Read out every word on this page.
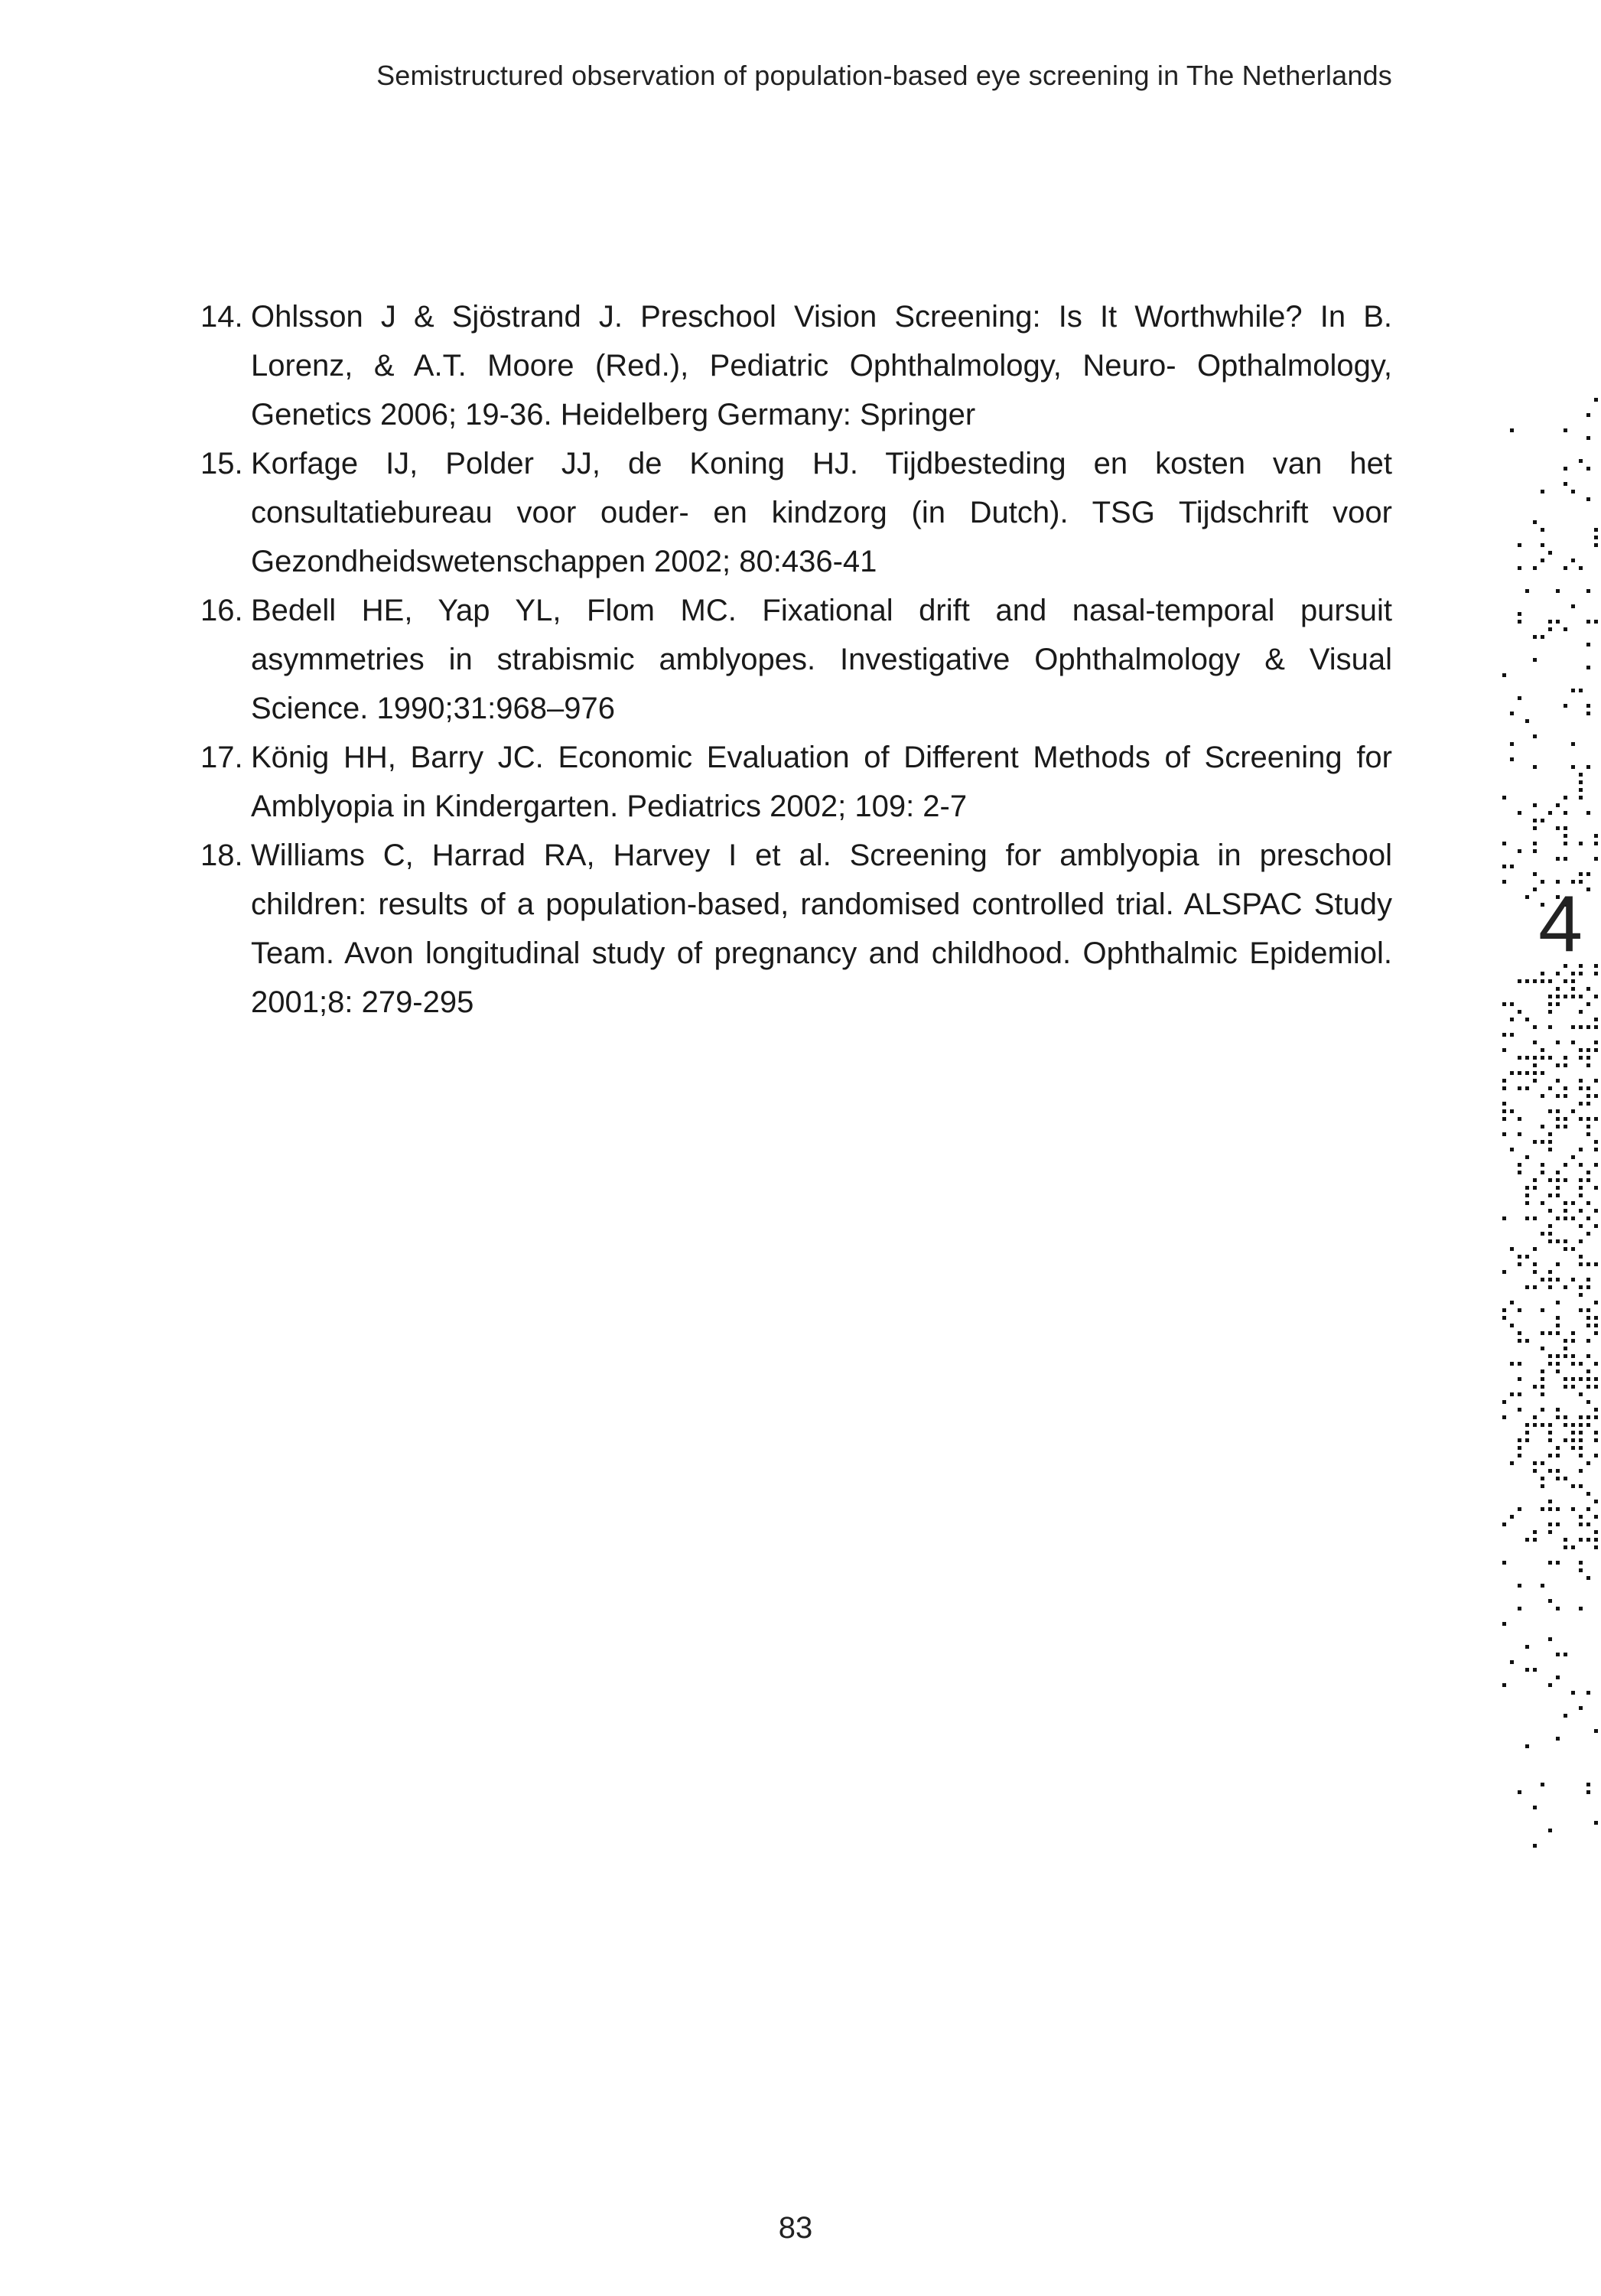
Semistructured observation of population-based eye screening in The Netherlands
14. Ohlsson J & Sjöstrand J. Preschool Vision Screening: Is It Worthwhile? In B. Lorenz, & A.T. Moore (Red.), Pediatric Ophthalmology, Neuro- Opthalmology, Genetics 2006; 19-36. Heidelberg Germany: Springer
15. Korfage IJ, Polder JJ, de Koning HJ. Tijdbesteding en kosten van het consultatiebureau voor ouder- en kindzorg (in Dutch). TSG Tijdschrift voor Gezondheidswetenschappen 2002; 80:436-41
16. Bedell HE, Yap YL, Flom MC. Fixational drift and nasal-temporal pursuit asymmetries in strabismic amblyopes. Investigative Ophthalmology & Visual Science. 1990;31:968–976
17. König HH, Barry JC. Economic Evaluation of Different Methods of Screening for Amblyopia in Kindergarten. Pediatrics 2002; 109: 2-7
18. Williams C, Harrad RA, Harvey I et al. Screening for amblyopia in preschool children: results of a population-based, randomised controlled trial. ALSPAC Study Team. Avon longitudinal study of pregnancy and childhood. Ophthalmic Epidemiol. 2001;8: 279-295
4
83
